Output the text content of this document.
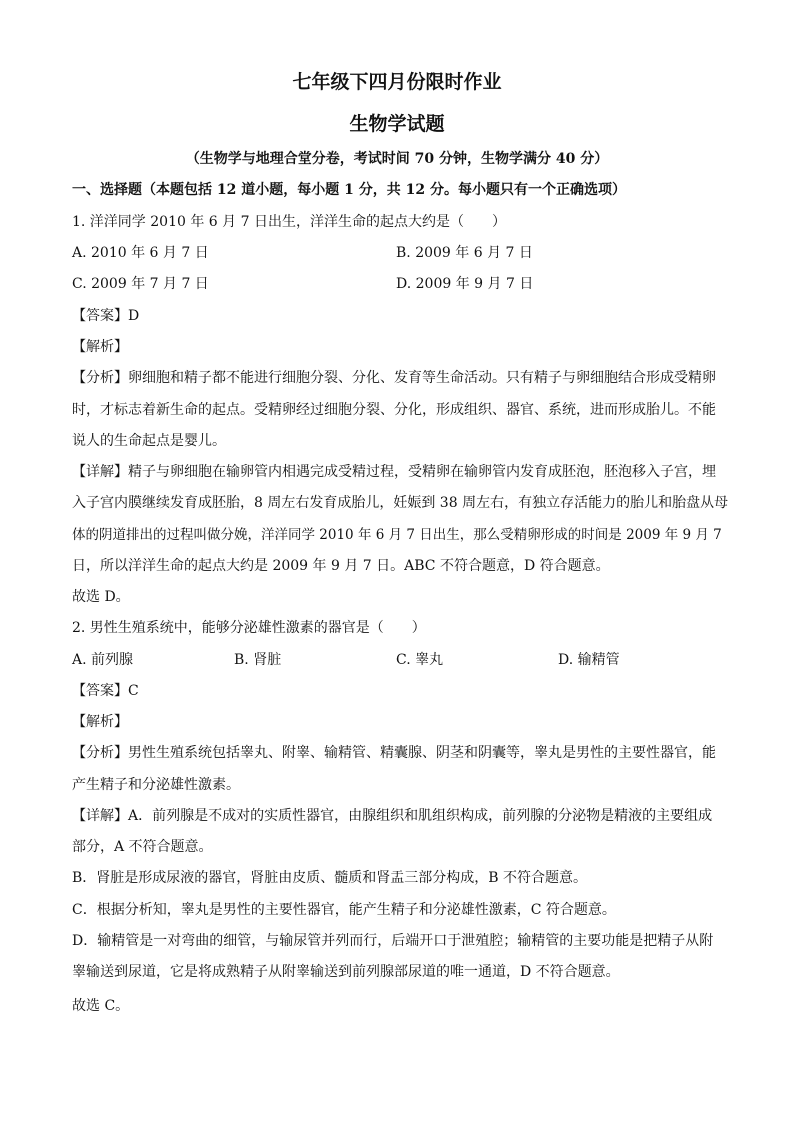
七年级下四月份限时作业
生物学试题
（生物学与地理合堂分卷，考试时间 70 分钟，生物学满分 40 分）
一、选择题（本题包括 12 道小题，每小题 1 分，共 12 分。每小题只有一个正确选项）
1. 洋洋同学 2010 年 6 月 7 日出生，洋洋生命的起点大约是（　　）
A. 2010 年 6 月 7 日	B. 2009 年 6 月 7 日
C. 2009 年 7 月 7 日	D. 2009 年 9 月 7 日
【答案】D
【解析】
【分析】卵细胞和精子都不能进行细胞分裂、分化、发育等生命活动。只有精子与卵细胞结合形成受精卵
时，才标志着新生命的起点。受精卵经过细胞分裂、分化，形成组织、器官、系统，进而形成胎儿。不能
说人的生命起点是婴儿。
【详解】精子与卵细胞在输卵管内相遇完成受精过程，受精卵在输卵管内发育成胚泡，胚泡移入子宫，埋
入子宫内膜继续发育成胚胎，8 周左右发育成胎儿，妊娠到 38 周左右，有独立存活能力的胎儿和胎盘从母
体的阴道排出的过程叫做分娩，洋洋同学 2010 年 6 月 7 日出生，那么受精卵形成的时间是 2009 年 9 月 7
日，所以洋洋生命的起点大约是 2009 年 9 月 7 日。ABC 不符合题意，D 符合题意。
故选 D。
2. 男性生殖系统中，能够分泌雄性激素的器官是（　　）
A. 前列腺	B. 肾脏	C. 睾丸	D. 输精管
【答案】C
【解析】
【分析】男性生殖系统包括睾丸、附睾、输精管、精囊腺、阴茎和阴囊等，睾丸是男性的主要性器官，能
产生精子和分泌雄性激素。
【详解】A．前列腺是不成对的实质性器官，由腺组织和肌组织构成，前列腺的分泌物是精液的主要组成
部分，A 不符合题意。
B．肾脏是形成尿液的器官，肾脏由皮质、髓质和肾盂三部分构成，B 不符合题意。
C．根据分析知，睾丸是男性的主要性器官，能产生精子和分泌雄性激素，C 符合题意。
D．输精管是一对弯曲的细管，与输尿管并列而行，后端开口于泄殖腔；输精管的主要功能是把精子从附
睾输送到尿道，它是将成熟精子从附睾输送到前列腺部尿道的唯一通道，D 不符合题意。
故选 C。
